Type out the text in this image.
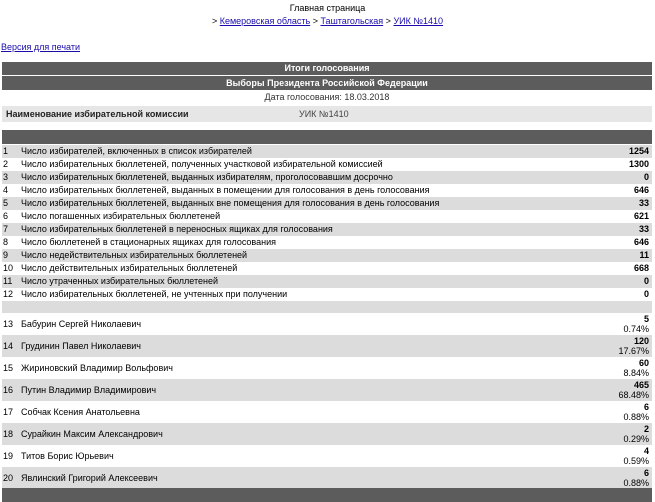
Главная страница
> Кемеровская область > Таштагольская > УИК №1410
Версия для печати
Итоги голосования
Выборы Президента Российской Федерации
Дата голосования: 18.03.2018
Наименование избирательной комиссии	УИК №1410
1 Число избирателей, включенных в список избирателей	1254
2 Число избирательных бюллетеней, полученных участковой избирательной комиссией	1300
3 Число избирательных бюллетеней, выданных избирателям, проголосовавшим досрочно	0
4 Число избирательных бюллетеней, выданных в помещении для голосования в день голосования	646
5 Число избирательных бюллетеней, выданных вне помещения для голосования в день голосования	33
6 Число погашенных избирательных бюллетеней	621
7 Число избирательных бюллетеней в переносных ящиках для голосования	33
8 Число бюллетеней в стационарных ящиках для голосования	646
9 Число недействительных избирательных бюллетеней	11
10 Число действительных избирательных бюллетеней	668
11 Число утраченных избирательных бюллетеней	0
12 Число избирательных бюллетеней, не учтенных при получении	0
13 Бабурин Сергей Николаевич	5
0.74%
14 Грудинин Павел Николаевич	120
17.67%
15 Жириновский Владимир Вольфович	60
8.84%
16 Путин Владимир Владимирович	465
68.48%
17 Собчак Ксения Анатольевна	6
0.88%
18 Сурайкин Максим Александрович	2
0.29%
19 Титов Борис Юрьевич	4
0.59%
20 Явлинский Григорий Алексеевич	6
0.88%
